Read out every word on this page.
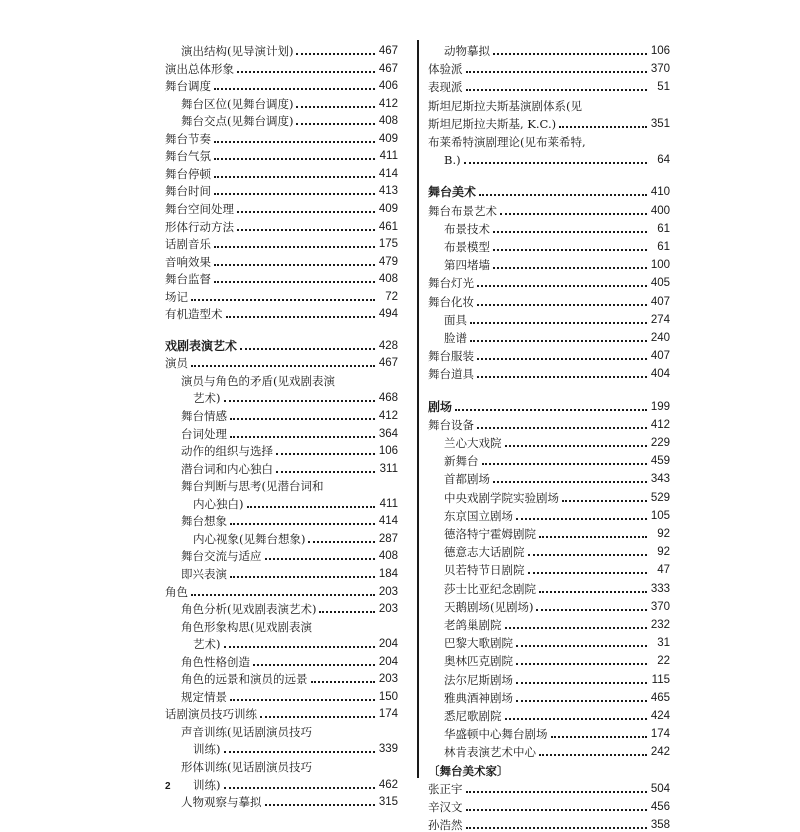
演出结构(见导演计划)	467
演出总体形象	467
舞台调度	406
舞台区位(见舞台调度)	412
舞台交点(见舞台调度)	408
舞台节奏	409
舞台气氛	411
舞台停顿	414
舞台时间	413
舞台空间处理	409
形体行动方法	461
话剧音乐	175
音响效果	479
舞台监督	408
场记	72
有机造型术	494
戏剧表演艺术	428
演员	467
演员与角色的矛盾(见戏剧表演
艺术)	468
舞台情感	412
台词处理	364
动作的组织与选择	106
潜台词和内心独白	311
舞台判断与思考(见潜台词和
内心独白)	411
舞台想象	414
内心视象(见舞台想象)	287
舞台交流与适应	408
即兴表演	184
角色	203
角色分析(见戏剧表演艺术)	203
角色形象构思(见戏剧表演
艺术)	204
角色性格创造	204
角色的远景和演员的远景	203
规定情景	150
话剧演员技巧训练	174
声音训练(见话剧演员技巧
训练)	339
形体训练(见话剧演员技巧
训练)	462
人物观察与摹拟	315
动物摹拟	106
体验派	370
表现派	51
斯坦尼斯拉夫斯基演剧体系(见
斯坦尼斯拉夫斯基, K.C.)	351
布莱希特演剧理论(见布莱希特,
B.)	64
舞台美术	410
舞台布景艺术	400
布景技术	61
布景模型	61
第四堵墙	100
舞台灯光	405
舞台化妆	407
面具	274
脸谱	240
舞台服装	407
舞台道具	404
剧场	199
舞台设备	412
兰心大戏院	229
新舞台	459
首都剧场	343
中央戏剧学院实验剧场	529
东京国立剧场	105
德洛特宁霍姆剧院	92
德意志大话剧院	92
贝若特节日剧院	47
莎士比亚纪念剧院	333
天鹅剧场(见剧场)	370
老鸽巢剧院	232
巴黎大歌剧院	31
奥林匹克剧院	22
法尔尼斯剧场	115
雅典酒神剧场	465
悉尼歌剧院	424
华盛顿中心舞台剧场	174
林肯表演艺术中心	242
〔舞台美术家〕
张正宇	504
辛汉文	456
孙浩然	358
2
